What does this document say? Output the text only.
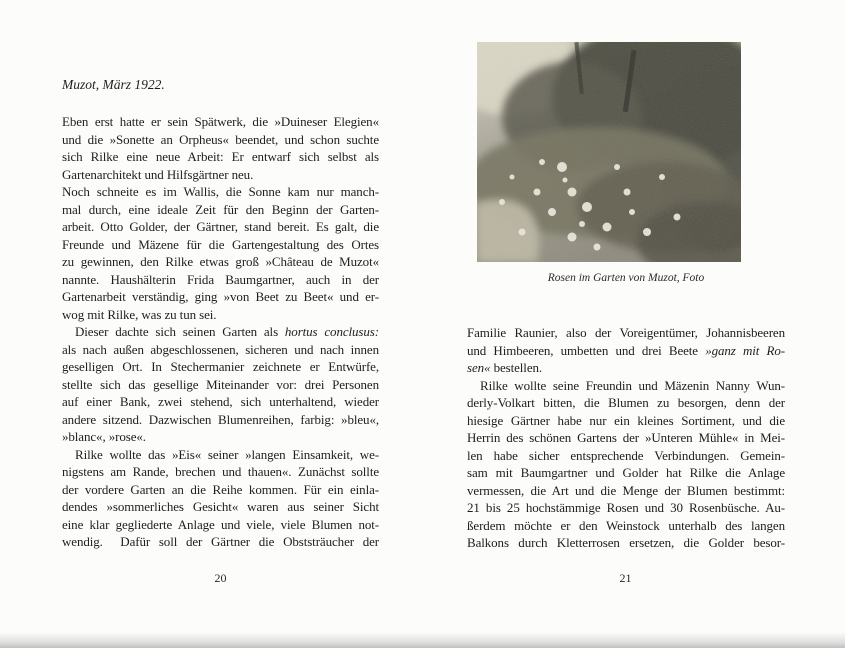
Muzot, März 1922.
Eben erst hatte er sein Spätwerk, die »Duineser Elegien«
und die »Sonette an Orpheus« beendet, und schon suchte
sich Rilke eine neue Arbeit: Er entwarf sich selbst als
Gartenarchitekt und Hilfsgärtner neu.
Noch schneite es im Wallis, die Sonne kam nur manch-
mal durch, eine ideale Zeit für den Beginn der Garten-
arbeit. Otto Golder, der Gärtner, stand bereit. Es galt, die
Freunde und Mäzene für die Gartengestaltung des Ortes
zu gewinnen, den Rilke etwas groß »Château de Muzot«
nannte. Haushälterin Frida Baumgartner, auch in der
Gartenarbeit verständig, ging »von Beet zu Beet« und er-
wog mit Rilke, was zu tun sei.
Dieser dachte sich seinen Garten als hortus conclusus:
als nach außen abgeschlossenen, sicheren und nach innen
geselligen Ort. In Stechermanier zeichnete er Entwürfe,
stellte sich das gesellige Miteinander vor: drei Personen
auf einer Bank, zwei stehend, sich unterhaltend, wieder
andere sitzend. Dazwischen Blumenreihen, farbig: »bleu«,
»blanc«, »rose«.
Rilke wollte das »Eis« seiner »langen Einsamkeit, we-
nigstens am Rande, brechen und thauen«. Zunächst sollte
der vordere Garten an die Reihe kommen. Für ein einla-
dendes »sommerliches Gesicht« waren aus seiner Sicht
eine klar gegliederte Anlage und viele, viele Blumen not-
wendig.  Dafür soll der Gärtner die Obststräucher der
20
Rosen im Garten von Muzot, Foto
Familie Raunier, also der Voreigentümer, Johannisbeeren
und Himbeeren, umbetten und drei Beete »ganz mit Ro-
sen« bestellen.
Rilke wollte seine Freundin und Mäzenin Nanny Wun-
derly-Volkart bitten, die Blumen zu besorgen, denn der
hiesige Gärtner habe nur ein kleines Sortiment, und die
Herrin des schönen Gartens der »Unteren Mühle« in Mei-
len habe sicher entsprechende Verbindungen. Gemein-
sam mit Baumgartner und Golder hat Rilke die Anlage
vermessen, die Art und die Menge der Blumen bestimmt:
21 bis 25 hochstämmige Rosen und 30 Rosenbüsche. Au-
ßerdem möchte er den Weinstock unterhalb des langen
Balkons durch Kletterrosen ersetzen, die Golder besor-
21
